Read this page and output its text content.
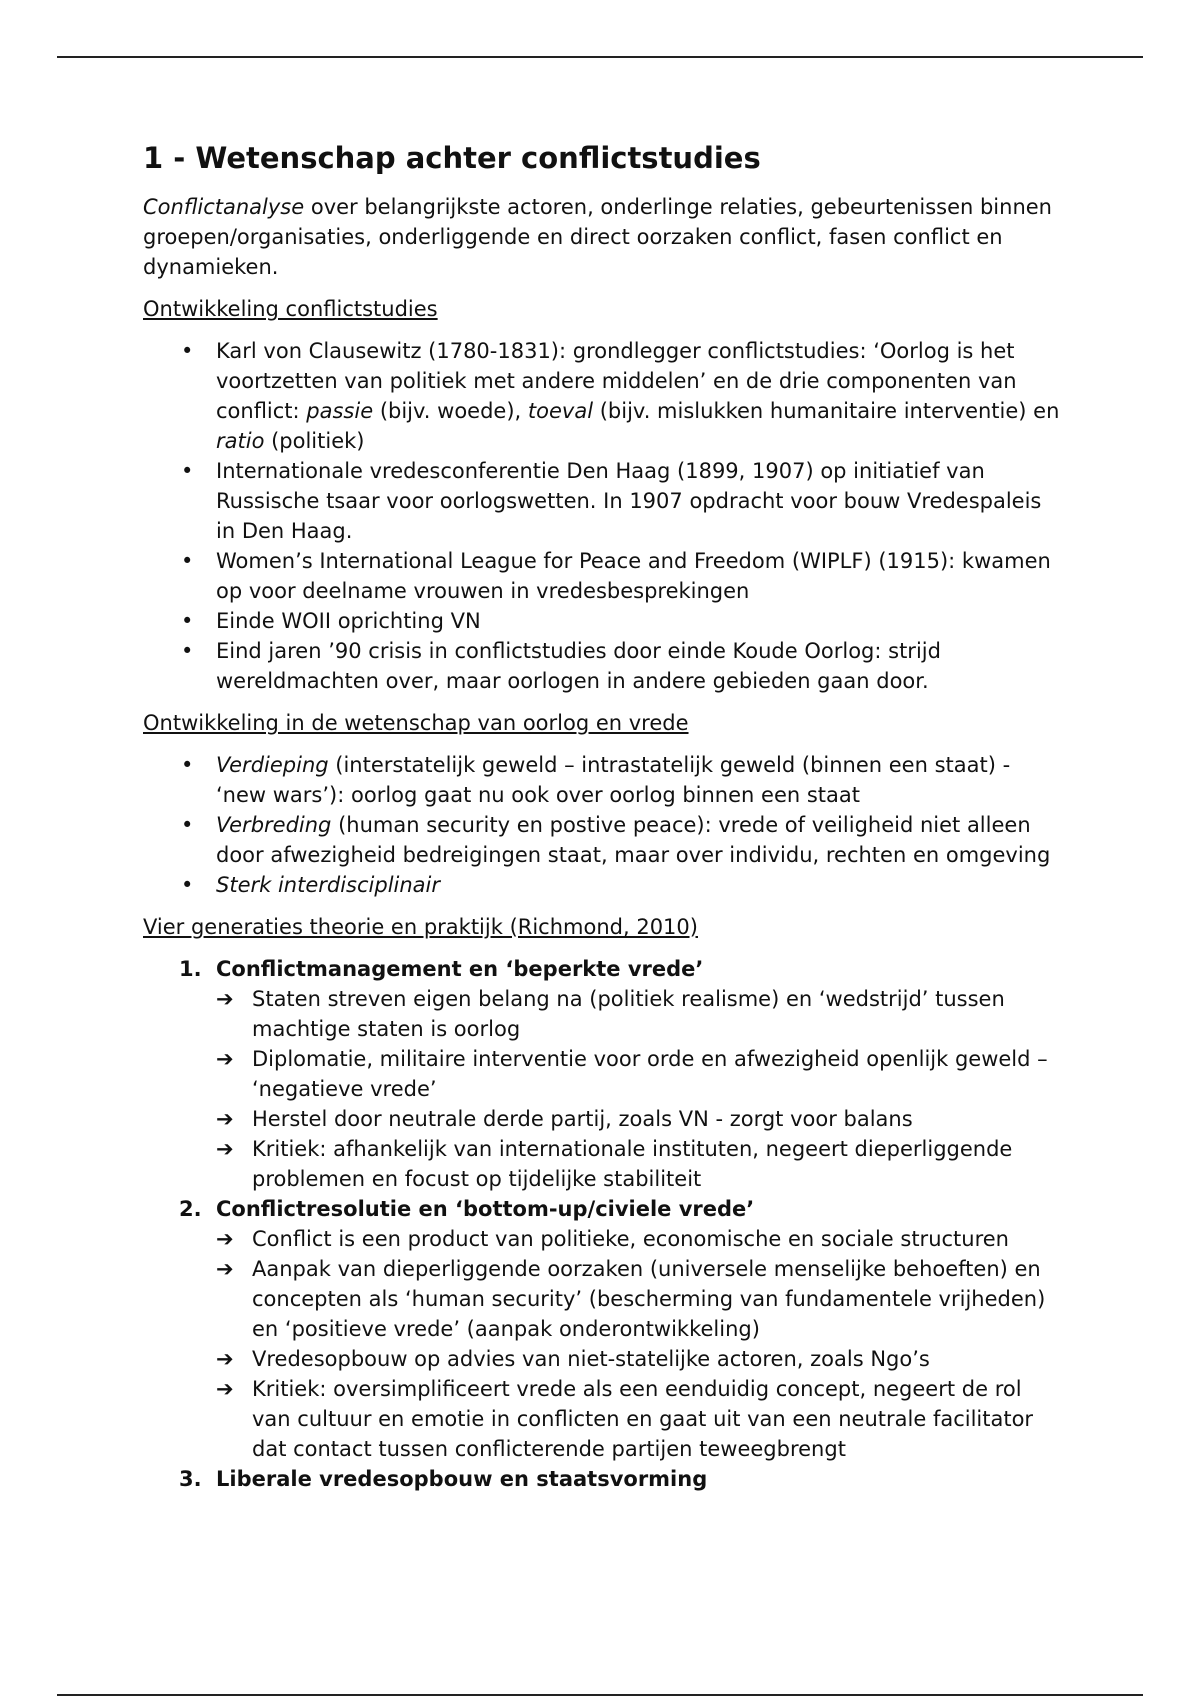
1 - Wetenschap achter conflictstudies

Conflictanalyse over belangrijkste actoren, onderlinge relaties, gebeurtenissen binnen groepen/organisaties, onderliggende en direct oorzaken conflict, fasen conflict en dynamieken.

Ontwikkeling conflictstudies
• Karl von Clausewitz (1780-1831): grondlegger conflictstudies: ‘Oorlog is het voortzetten van politiek met andere middelen’ en de drie componenten van conflict: passie (bijv. woede), toeval (bijv. mislukken humanitaire interventie) en ratio (politiek)
• Internationale vredesconferentie Den Haag (1899, 1907) op initiatief van Russische tsaar voor oorlogswetten. In 1907 opdracht voor bouw Vredespaleis in Den Haag.
• Women’s International League for Peace and Freedom (WIPLF) (1915): kwamen op voor deelname vrouwen in vredesbesprekingen
• Einde WOII oprichting VN
• Eind jaren ’90 crisis in conflictstudies door einde Koude Oorlog: strijd wereldmachten over, maar oorlogen in andere gebieden gaan door.
Ontwikkeling in de wetenschap van oorlog en vrede
• Verdieping (interstatelijk geweld – intrastatelijk geweld (binnen een staat) - ‘new wars’): oorlog gaat nu ook over oorlog binnen een staat
• Verbreding (human security en postive peace): vrede of veiligheid niet alleen door afwezigheid bedreigingen staat, maar over individu, rechten en omgeving
• Sterk interdisciplinair
Vier generaties theorie en praktijk (Richmond, 2010)
1. Conflictmanagement en ‘beperkte vrede’
➔ Staten streven eigen belang na (politiek realisme) en ‘wedstrijd’ tussen machtige staten is oorlog
➔ Diplomatie, militaire interventie voor orde en afwezigheid openlijk geweld – ‘negatieve vrede’
➔ Herstel door neutrale derde partij, zoals VN - zorgt voor balans
➔ Kritiek: afhankelijk van internationale instituten, negeert dieperliggende problemen en focust op tijdelijke stabiliteit
2. Conflictresolutie en ‘bottom-up/civiele vrede’
➔ Conflict is een product van politieke, economische en sociale structuren
➔ Aanpak van dieperliggende oorzaken (universele menselijke behoeften) en concepten als ‘human security’ (bescherming van fundamentele vrijheden) en ‘positieve vrede’ (aanpak onderontwikkeling)
➔ Vredesopbouw op advies van niet-statelijke actoren, zoals Ngo’s
➔ Kritiek: oversimplificeert vrede als een eenduidig concept, negeert de rol van cultuur en emotie in conflicten en gaat uit van een neutrale facilitator dat contact tussen conflicterende partijen teweegbrengt
3. Liberale vredesopbouw en staatsvorming
